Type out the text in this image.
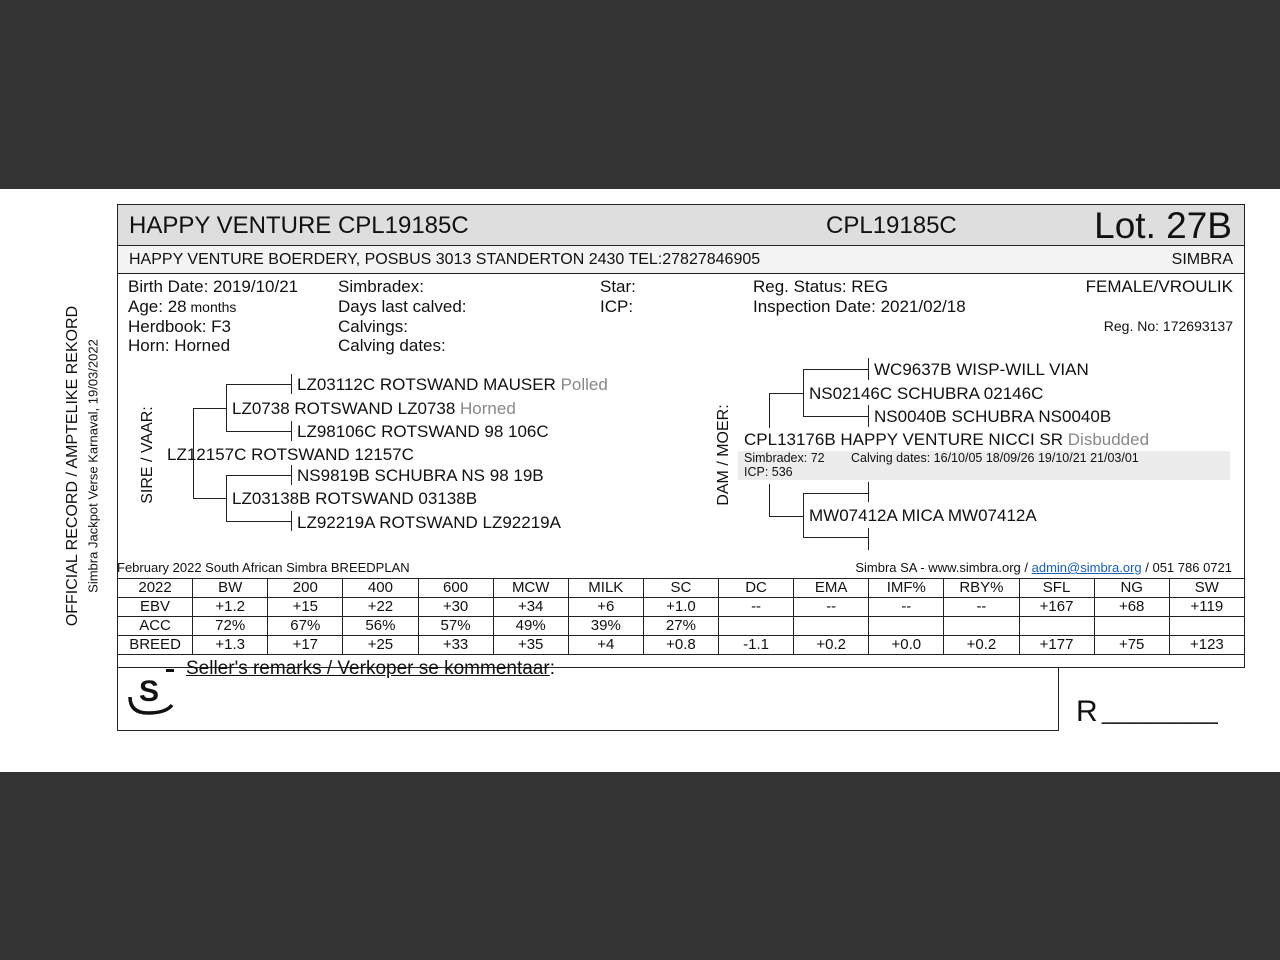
OFFICIAL RECORD / AMPTELIKE REKORD Simbra Jackpot Verse Karnaval, 19/03/2022
HAPPY VENTURE CPL19185C	CPL19185C	Lot. 27B
HAPPY VENTURE BOERDERY, POSBUS 3013 STANDERTON 2430 TEL:27827846905	SIMBRA
Birth Date: 2019/10/21
Age: 28 months
Herdbook: F3
Horn: Horned
Simbradex:
Days last calved:
Calvings:
Calving dates:
Star:
ICP:
Reg. Status: REG
Inspection Date: 2021/02/18
FEMALE/VROULIK
Reg. No: 172693137
SIRE / VAAR:
LZ03112C ROTSWAND MAUSER Polled
LZ0738 ROTSWAND LZ0738 Horned
LZ98106C ROTSWAND 98 106C
LZ12157C ROTSWAND 12157C
NS9819B SCHUBRA NS 98 19B
LZ03138B ROTSWAND 03138B
LZ92219A ROTSWAND LZ92219A
DAM / MOER:
WC9637B WISP-WILL VIAN
NS02146C SCHUBRA 02146C
NS0040B SCHUBRA NS0040B
CPL13176B HAPPY VENTURE NICCI SR Disbudded
Simbradex: 72 Calving dates: 16/10/05 18/09/26 19/10/21 21/03/01
ICP: 536
MW07412A MICA MW07412A
February 2022 South African Simbra BREEDPLAN	Simbra SA - www.simbra.org / admin@simbra.org / 051 786 0721
2022	BW	200	400	600	MCW	MILK	SC	DC	EMA	IMF%	RBY%	SFL	NG	SW
EBV	+1.2	+15	+22	+30	+34	+6	+1.0	--	--	--	--	+167	+68	+119
ACC	72%	67%	56%	57%	49%	39%	27%							
BREED	+1.3	+17	+25	+33	+35	+4	+0.8	-1.1	+0.2	+0.0	+0.2	+177	+75	+123
Seller's remarks / Verkoper se kommentaar:
R ________
S
